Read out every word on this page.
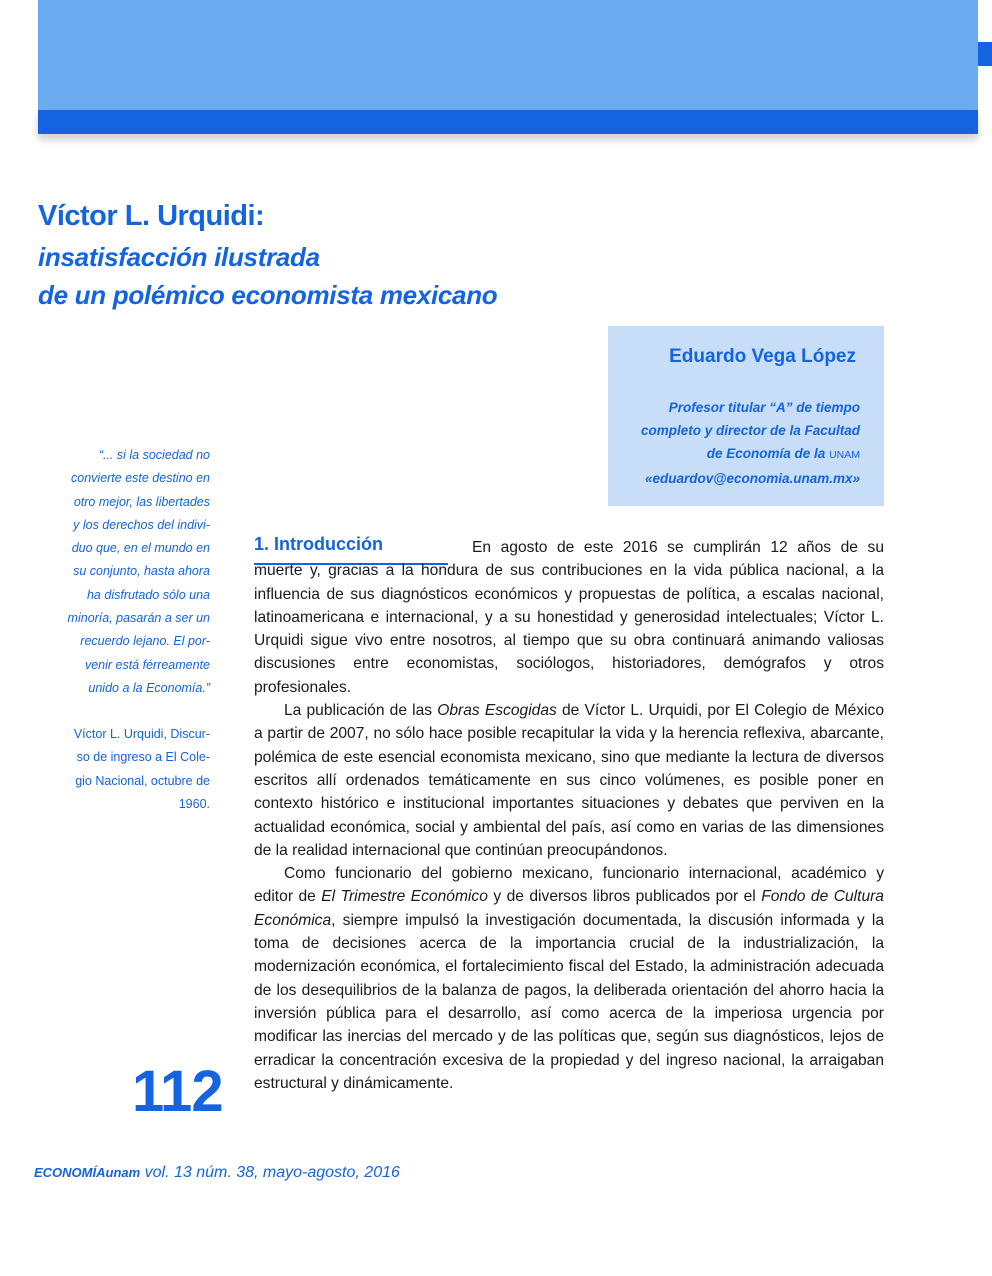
Víctor L. Urquidi:
insatisfacción ilustrada
de un polémico economista mexicano
Eduardo Vega López
Profesor titular “A” de tiempo
completo y director de la Facultad
de Economía de la UNAM
«eduardov@economia.unam.mx»
“... si la sociedad no
convierte este destino en
otro mejor, las libertades
y los derechos del indivi-
duo que, en el mundo en
su conjunto, hasta ahora
ha disfrutado sólo una
minoría, pasarán a ser un
recuerdo lejano. El por-
venir está férreamente
unido a la Economía.”
Víctor L. Urquidi, Discur-
so de ingreso a El Cole-
gio Nacional, octubre de
1960.
1. Introducción	En agosto de este 2016 se cumplirán 12 años de su muerte y, gracias a la hondura de sus contribuciones en la vida pública nacional, a la influencia de sus diagnósticos económicos y propuestas de política, a escalas nacional, latinoamericana e internacional, y a su honestidad y generosidad intelectuales; Víctor L. Urquidi sigue vivo entre nosotros, al tiempo que su obra continuará animando valiosas discusiones entre economistas, sociólogos, historiadores, demógrafos y otros profesionales.

La publicación de las Obras Escogidas de Víctor L. Urquidi, por El Colegio de México a partir de 2007, no sólo hace posible recapitular la vida y la herencia reflexiva, abarcante, polémica de este esencial economista mexicano, sino que mediante la lectura de diversos escritos allí ordenados temáticamente en sus cinco volúmenes, es posible poner en contexto histórico e institucional importantes situaciones y debates que perviven en la actualidad económica, social y ambiental del país, así como en varias de las dimensiones de la realidad internacional que continúan preocupándonos.

Como funcionario del gobierno mexicano, funcionario internacional, académico y editor de El Trimestre Económico y de diversos libros publicados por el Fondo de Cultura Económica, siempre impulsó la investigación documentada, la discusión informada y la toma de decisiones acerca de la importancia crucial de la industrialización, la modernización económica, el fortalecimiento fiscal del Estado, la administración adecuada de los desequilibrios de la balanza de pagos, la deliberada orientación del ahorro hacia la inversión pública para el desarrollo, así como acerca de la imperiosa urgencia por modificar las inercias del mercado y de las políticas que, según sus diagnósticos, lejos de erradicar la concentración excesiva de la propiedad y del ingreso nacional, la arraigaban estructural y dinámicamente.

112
ECONOMÍAunam vol. 13 núm. 38, mayo-agosto, 2016
